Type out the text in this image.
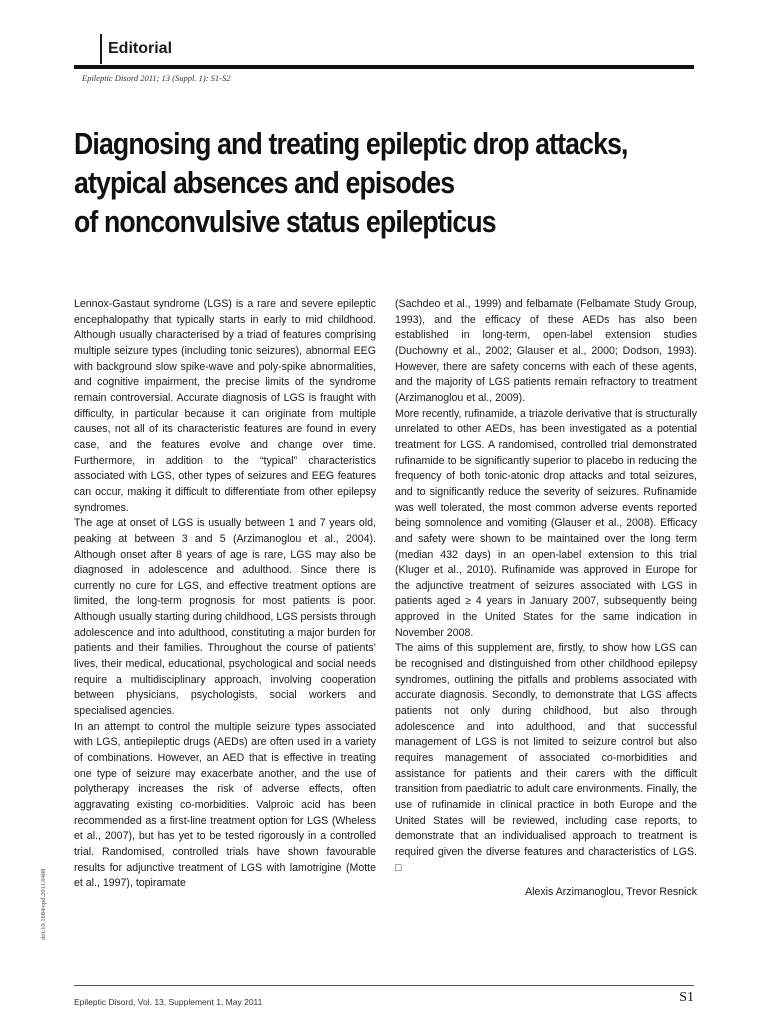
Editorial
Epileptic Disord 2011; 13 (Suppl. 1): S1-S2
Diagnosing and treating epileptic drop attacks,
atypical absences and episodes
of nonconvulsive status epilepticus

Lennox-Gastaut syndrome (LGS) is a rare and severe epileptic encephalopathy that typically starts in early to mid childhood. Although usually characterised by a triad of features comprising multiple seizure types (including tonic seizures), abnormal EEG with background slow spike-wave and poly-spike abnormalities, and cognitive impairment, the precise limits of the syndrome remain controversial. Accurate diagnosis of LGS is fraught with difficulty, in particular because it can originate from multiple causes, not all of its characteristic features are found in every case, and the features evolve and change over time. Furthermore, in addition to the “typical” characteristics associated with LGS, other types of seizures and EEG features can occur, making it difficult to differentiate from other epilepsy syndromes.

The age at onset of LGS is usually between 1 and 7 years old, peaking at between 3 and 5 (Arzimanoglou et al., 2004). Although onset after 8 years of age is rare, LGS may also be diagnosed in adolescence and adulthood. Since there is currently no cure for LGS, and effective treatment options are limited, the long-term prognosis for most patients is poor. Although usually starting during childhood, LGS persists through adolescence and into adulthood, constituting a major burden for patients and their families. Throughout the course of patients’ lives, their medical, educational, psychological and social needs require a multidisciplinary approach, involving cooperation between physicians, psychologists, social workers and specialised agencies.

In an attempt to control the multiple seizure types associated with LGS, antiepileptic drugs (AEDs) are often used in a variety of combinations. However, an AED that is effective in treating one type of seizure may exacerbate another, and the use of polytherapy increases the risk of adverse effects, often aggravating existing co-morbidities. Valproic acid has been recommended as a first-line treatment option for LGS (Wheless et al., 2007), but has yet to be tested rigorously in a controlled trial. Randomised, controlled trials have shown favourable results for adjunctive treatment of LGS with lamotrigine (Motte et al., 1997), topiramate

(Sachdeo et al., 1999) and felbamate (Felbamate Study Group, 1993), and the efficacy of these AEDs has also been established in long-term, open-label extension studies (Duchowny et al., 2002; Glauser et al., 2000; Dodson, 1993). However, there are safety concerns with each of these agents, and the majority of LGS patients remain refractory to treatment (Arzimanoglou et al., 2009).

More recently, rufinamide, a triazole derivative that is structurally unrelated to other AEDs, has been investigated as a potential treatment for LGS. A randomised, controlled trial demonstrated rufinamide to be significantly superior to placebo in reducing the frequency of both tonic-atonic drop attacks and total seizures, and to significantly reduce the severity of seizures. Rufinamide was well tolerated, the most common adverse events reported being somnolence and vomiting (Glauser et al., 2008). Efficacy and safety were shown to be maintained over the long term (median 432 days) in an open-label extension to this trial (Kluger et al., 2010). Rufinamide was approved in Europe for the adjunctive treatment of seizures associated with LGS in patients aged ≥ 4 years in January 2007, subsequently being approved in the United States for the same indication in November 2008.

The aims of this supplement are, firstly, to show how LGS can be recognised and distinguished from other childhood epilepsy syndromes, outlining the pitfalls and problems associated with accurate diagnosis. Secondly, to demonstrate that LGS affects patients not only during childhood, but also through adolescence and into adulthood, and that successful management of LGS is not limited to seizure control but also requires management of associated co-morbidities and assistance for patients and their carers with the difficult transition from paediatric to adult care environments. Finally, the use of rufinamide in clinical practice in both Europe and the United States will be reviewed, including case reports, to demonstrate that an individualised approach to treatment is required given the diverse features and characteristics of LGS. □

Alexis Arzimanoglou, Trevor Resnick

doi:10.1684/epd.2011.0408
Epileptic Disord, Vol. 13, Supplement 1, May 2011	S1
